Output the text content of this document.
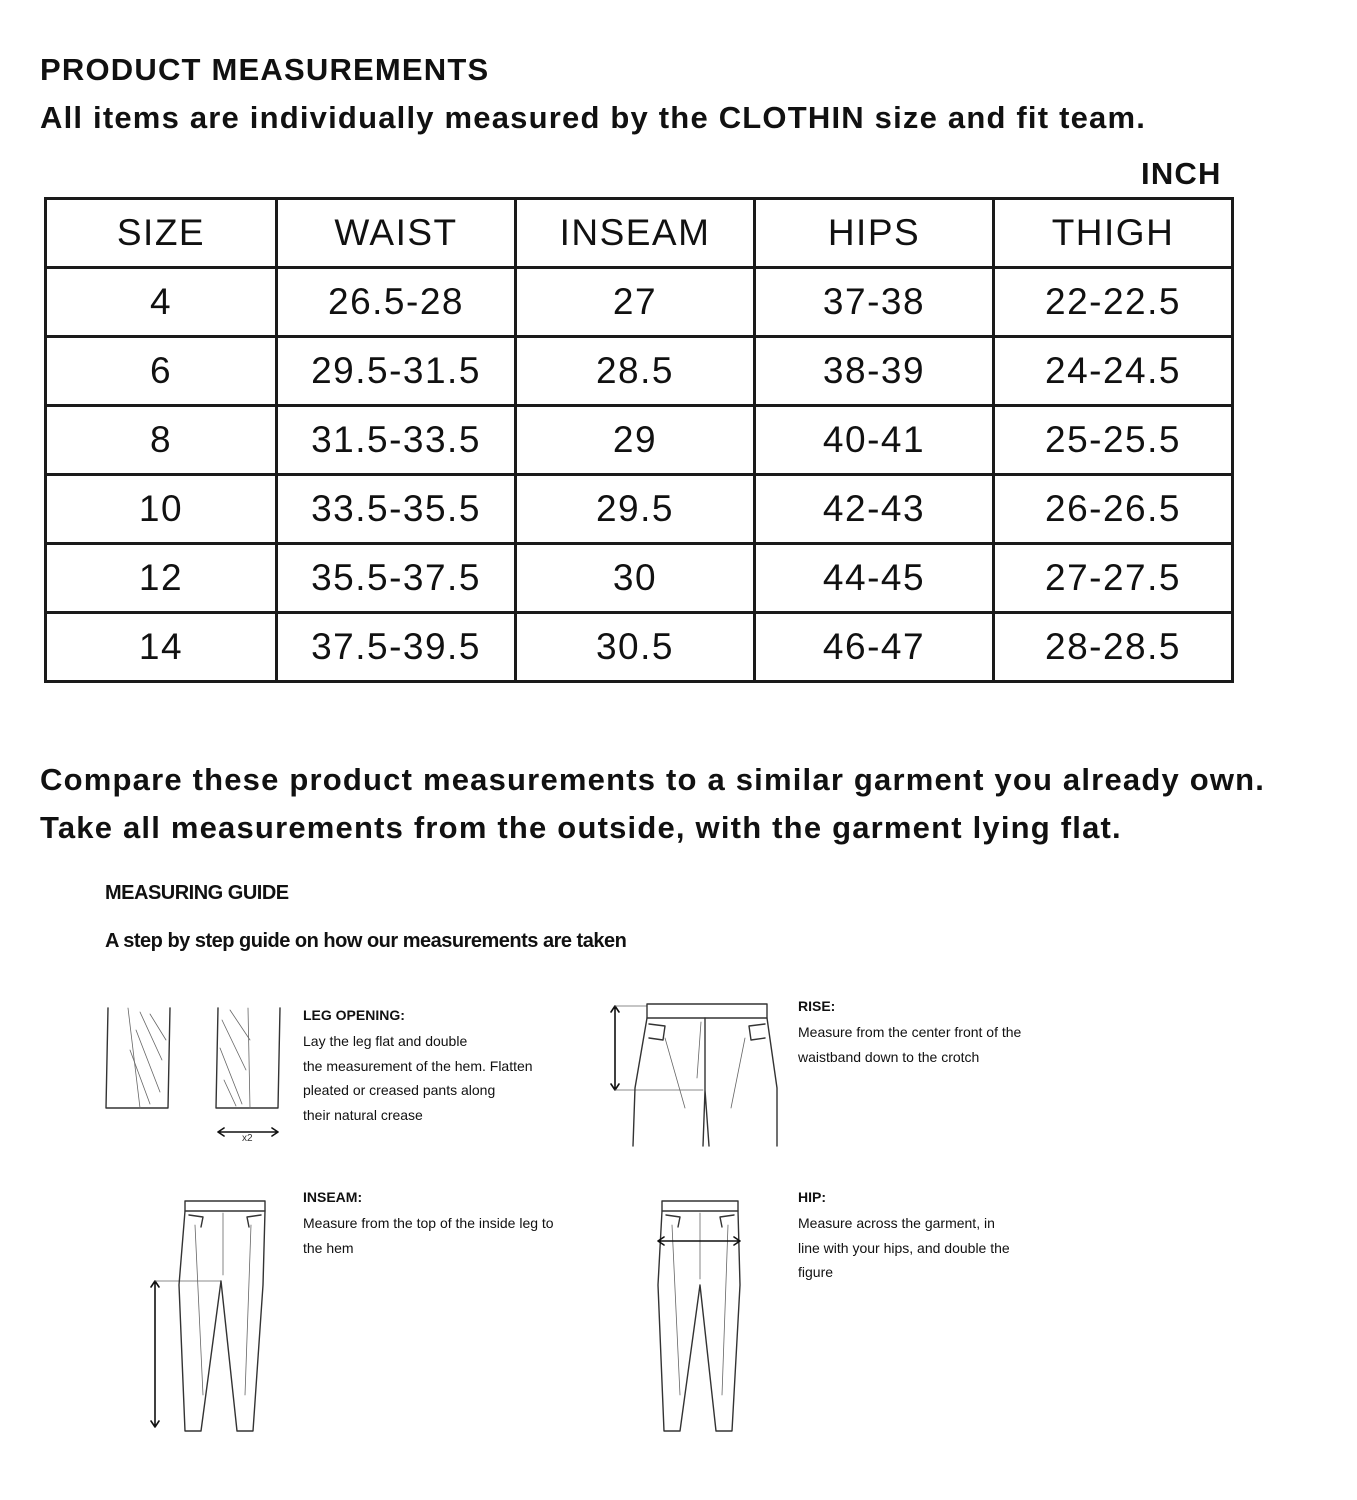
PRODUCT MEASUREMENTS
All items are individually measured by the CLOTHIN size and fit team.
INCH
SIZE	WAIST	INSEAM	HIPS	THIGH
4	26.5-28	27	37-38	22-22.5
6	29.5-31.5	28.5	38-39	24-24.5
8	31.5-33.5	29	40-41	25-25.5
10	33.5-35.5	29.5	42-43	26-26.5
12	35.5-37.5	30	44-45	27-27.5
14	37.5-39.5	30.5	46-47	28-28.5
Compare these product measurements to a similar garment you already own.
Take all measurements from the outside, with the garment lying flat.
MEASURING GUIDE
A step by step guide on how our measurements are taken
x2
LEG OPENING:
Lay the leg flat and double
the measurement of the hem. Flatten
pleated or creased pants along
their natural crease
RISE:
Measure from the center front of the
waistband down to the crotch
INSEAM:
Measure from the top of the inside leg to
the hem
HIP:
Measure across the garment, in
line with your hips, and double the
figure
